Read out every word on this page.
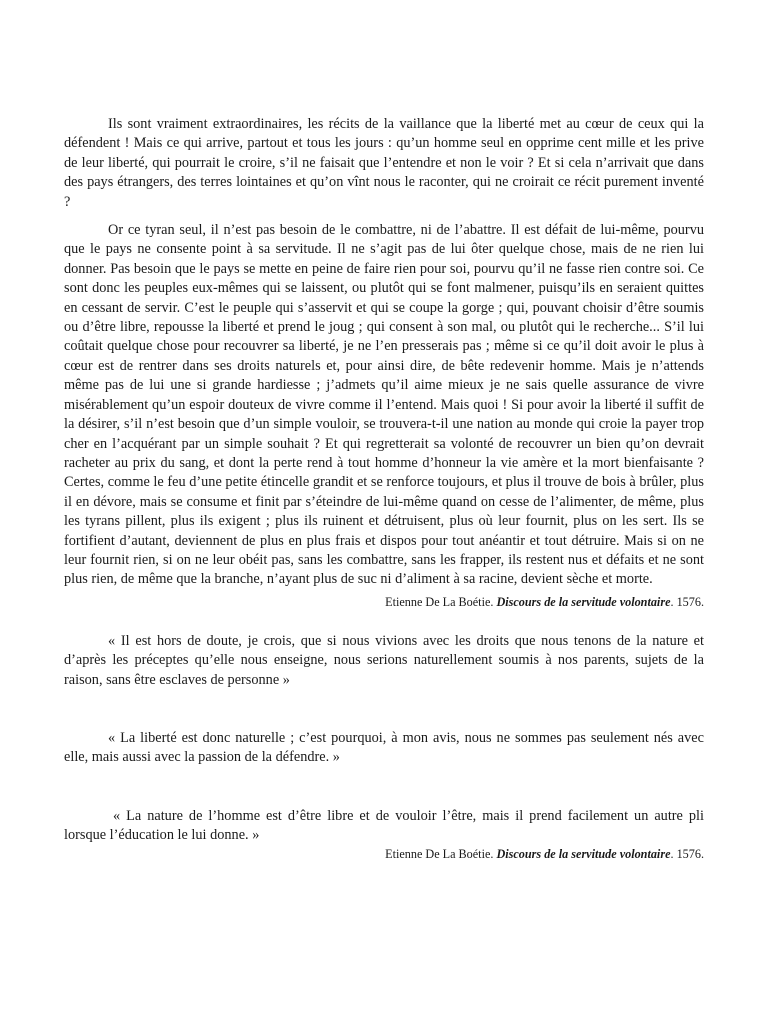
Ils sont vraiment extraordinaires, les récits de la vaillance que la liberté met au cœur de ceux qui la défendent ! Mais ce qui arrive, partout et tous les jours : qu’un homme seul en opprime cent mille et les prive de leur liberté, qui pourrait le croire, s’il ne faisait que l’entendre et non le voir ? Et si cela n’arrivait que dans des pays étrangers, des terres lointaines et qu’on vînt nous le raconter, qui ne croirait ce récit purement inventé ?

Or ce tyran seul, il n’est pas besoin de le combattre, ni de l’abattre. Il est défait de lui-même, pourvu que le pays ne consente point à sa servitude. Il ne s’agit pas de lui ôter quelque chose, mais de ne rien lui donner. Pas besoin que le pays se mette en peine de faire rien pour soi, pourvu qu’il ne fasse rien contre soi. Ce sont donc les peuples eux-mêmes qui se laissent, ou plutôt qui se font malmener, puisqu’ils en seraient quittes en cessant de servir. C’est le peuple qui s’asservit et qui se coupe la gorge ; qui, pouvant choisir d’être soumis ou d’être libre, repousse la liberté et prend le joug ; qui consent à son mal, ou plutôt qui le recherche... S’il lui coûtait quelque chose pour recouvrer sa liberté, je ne l’en presserais pas ; même si ce qu’il doit avoir le plus à cœur est de rentrer dans ses droits naturels et, pour ainsi dire, de bête redevenir homme. Mais je n’attends même pas de lui une si grande hardiesse ; j’admets qu’il aime mieux je ne sais quelle assurance de vivre misérablement qu’un espoir douteux de vivre comme il l’entend. Mais quoi ! Si pour avoir la liberté il suffit de la désirer, s’il n’est besoin que d’un simple vouloir, se trouvera-t-il une nation au monde qui croie la payer trop cher en l’acquérant par un simple souhait ? Et qui regretterait sa volonté de recouvrer un bien qu’on devrait racheter au prix du sang, et dont la perte rend à tout homme d’honneur la vie amère et la mort bienfaisante ? Certes, comme le feu d’une petite étincelle grandit et se renforce toujours, et plus il trouve de bois à brûler, plus il en dévore, mais se consume et finit par s’éteindre de lui-même quand on cesse de l’alimenter, de même, plus les tyrans pillent, plus ils exigent ; plus ils ruinent et détruisent, plus où leur fournit, plus on les sert. Ils se fortifient d’autant, deviennent de plus en plus frais et dispos pour tout anéantir et tout détruire. Mais si on ne leur fournit rien, si on ne leur obéit pas, sans les combattre, sans les frapper, ils restent nus et défaits et ne sont plus rien, de même que la branche, n’ayant plus de suc ni d’aliment à sa racine, devient sèche et morte.

Etienne De La Boétie. Discours de la servitude volontaire. 1576.

« Il est hors de doute, je crois, que si nous vivions avec les droits que nous tenons de la nature et d’après les préceptes qu’elle nous enseigne, nous serions naturellement soumis à nos parents, sujets de la raison, sans être esclaves de personne »

« La liberté est donc naturelle ; c’est pourquoi, à mon avis, nous ne sommes pas seulement nés avec elle, mais aussi avec la passion de la défendre. »

« La nature de l’homme est d’être libre et de vouloir l’être, mais il prend facilement un autre pli lorsque l’éducation le lui donne. »

Etienne De La Boétie. Discours de la servitude volontaire. 1576.
